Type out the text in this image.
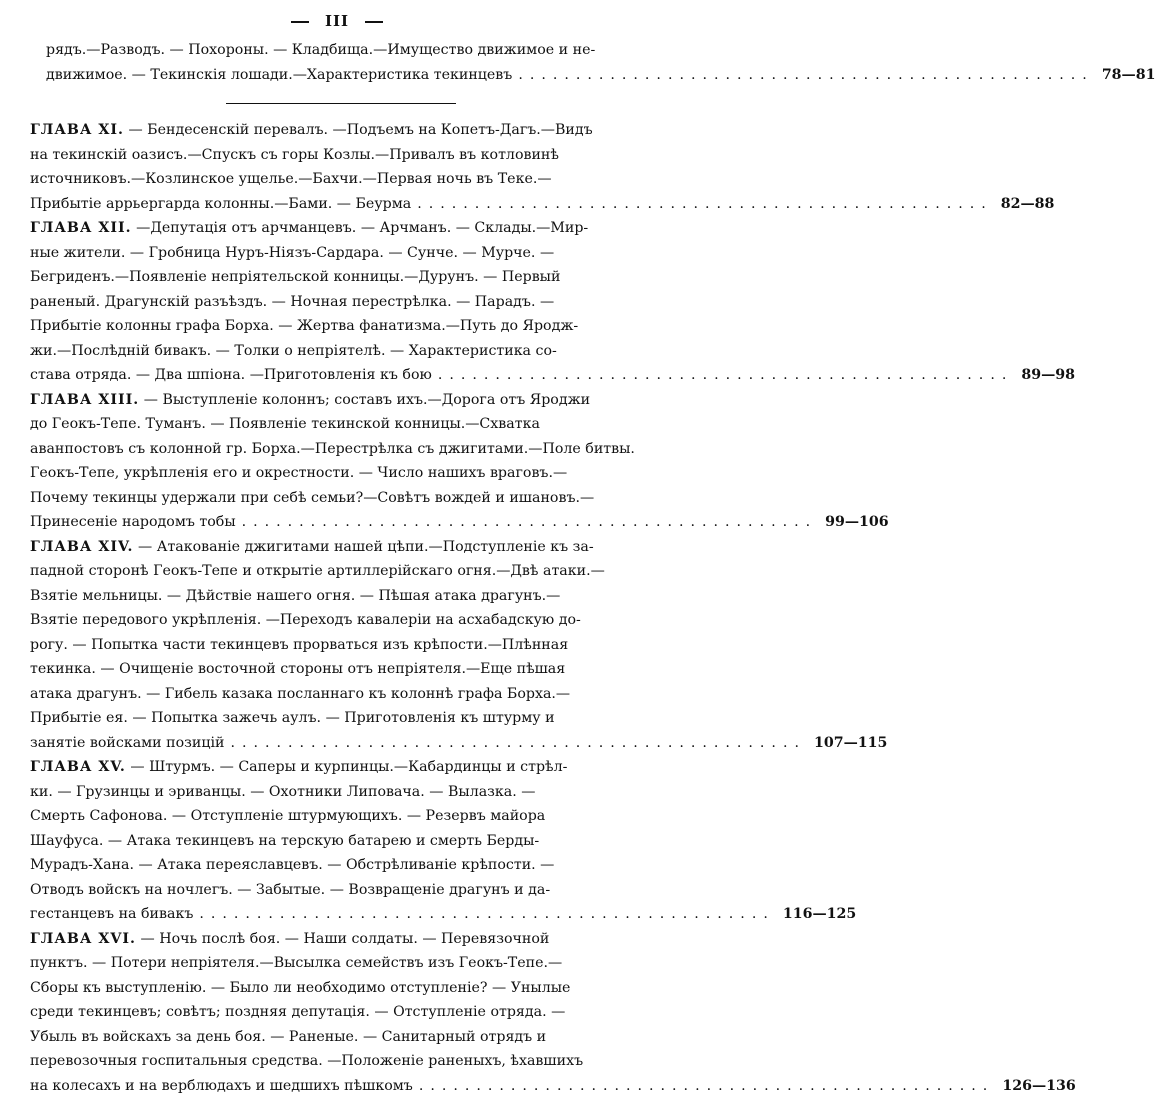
III
рядъ.—Разводъ. — Похороны. — Кладбища.—Имущество движимое и не-
движимое. — Текинскія лошади.—Характеристика текинцевъ .................................................. 78—81
ГЛАВА XI. — Бендесенскій перевалъ. —Подъемъ на Копетъ-Дагъ.—Видъ
на текинскій оазисъ.—Спускъ съ горы Козлы.—Привалъ въ котловинѣ
источниковъ.—Козлинское ущелье.—Бахчи.—Первая ночь въ Теке.—
Прибытіе аррьергарда колонны.—Бами. — Беурма .................................................. 82—88
ГЛАВА XII. —Депутація отъ арчманцевъ. — Арчманъ. — Склады.—Мир-
ные жители. — Гробница Нуръ-Ніязъ-Сардара. — Сунче. — Мурче. —
Бегриденъ.—Появленіе непріятельской конницы.—Дурунъ. — Первый
раненый. Драгунскій разъѣздъ. — Ночная перестрѣлка. — Парадъ. —
Прибытіе колонны графа Борха. — Жертва фанатизма.—Путь до Яродж-
жи.—Послѣдній бивакъ. — Толки о непріятелѣ. — Характеристика со-
става отряда. — Два шпіона. —Приготовленія къ бою .................................................. 89—98
ГЛАВА XIII. — Выступленіе колоннъ; составъ ихъ.—Дорога отъ Ярoджи
до Геокъ-Тепе. Туманъ. — Появленіе текинской конницы.—Схватка
аванпостовъ съ колонной гр. Борха.—Перестрѣлка съ джигитами.—Поле битвы.
Геокъ-Тепе, укрѣпленія его и окрестности. — Число нашихъ враговъ.—
Почему текинцы удержали при себѣ семьи?—Совѣтъ вождей и ишановъ.—
Принесеніе народомъ тобы .................................................. 99—106
ГЛАВА XIV. — Атакованіе джигитами нашей цѣпи.—Подступленіе къ за-
падной сторонѣ Геокъ-Тепе и открытіе артиллерійскаго огня.—Двѣ атаки.—
Взятіе мельницы. — Дѣйствіе нашего огня. — Пѣшая атака драгунъ.—
Взятіе передового укрѣпленія. —Переходъ кавалеріи на асхабадскую до-
рогу. — Попытка части текинцевъ прорваться изъ крѣпости.—Плѣнная
текинка. — Очищеніе восточной стороны отъ непріятеля.—Еще пѣшая
атака драгунъ. — Гибель казака посланнаго къ колоннѣ графа Борха.—
Прибытіе ея. — Попытка зажечь аулъ. — Приготовленія къ штурму и
занятіе войсками позицій .................................................. 107—115
ГЛАВА XV. — Штурмъ. — Саперы и курпинцы.—Кабардинцы и стрѣл-
ки. — Грузинцы и эриванцы. — Охотники Липовача. — Вылазка. —
Смерть Сафонова. — Отступленіе штурмующихъ. — Резервъ майора
Шауфуса. — Атака текинцевъ на терскую батарею и смерть Берды-
Мурадъ-Хана. — Атака переяславцевъ. — Обстрѣливаніе крѣпости. —
Отводъ войскъ на ночлегъ. — Забытые. — Возвращеніе драгунъ и да-
гестанцевъ на бивакъ .................................................. 116—125
ГЛАВА XVI. — Ночь послѣ боя. — Наши солдаты. — Перевязочной
пунктъ. — Потери непріятеля.—Высылка семействъ изъ Геокъ-Тепе.—
Сборы къ выступленію. — Было ли необходимо отступленіе? — Унылые
среди текинцевъ; совѣтъ; поздняя депутація. — Отступленіе отряда. —
Убыль въ войскахъ за день боя. — Раненые. — Санитарный отрядъ и
перевозочныя госпитальныя средства. —Положеніе раненыхъ, ѣхавшихъ
на колесахъ и на верблюдахъ и шедшихъ пѣшкомъ .................................................. 126—136
